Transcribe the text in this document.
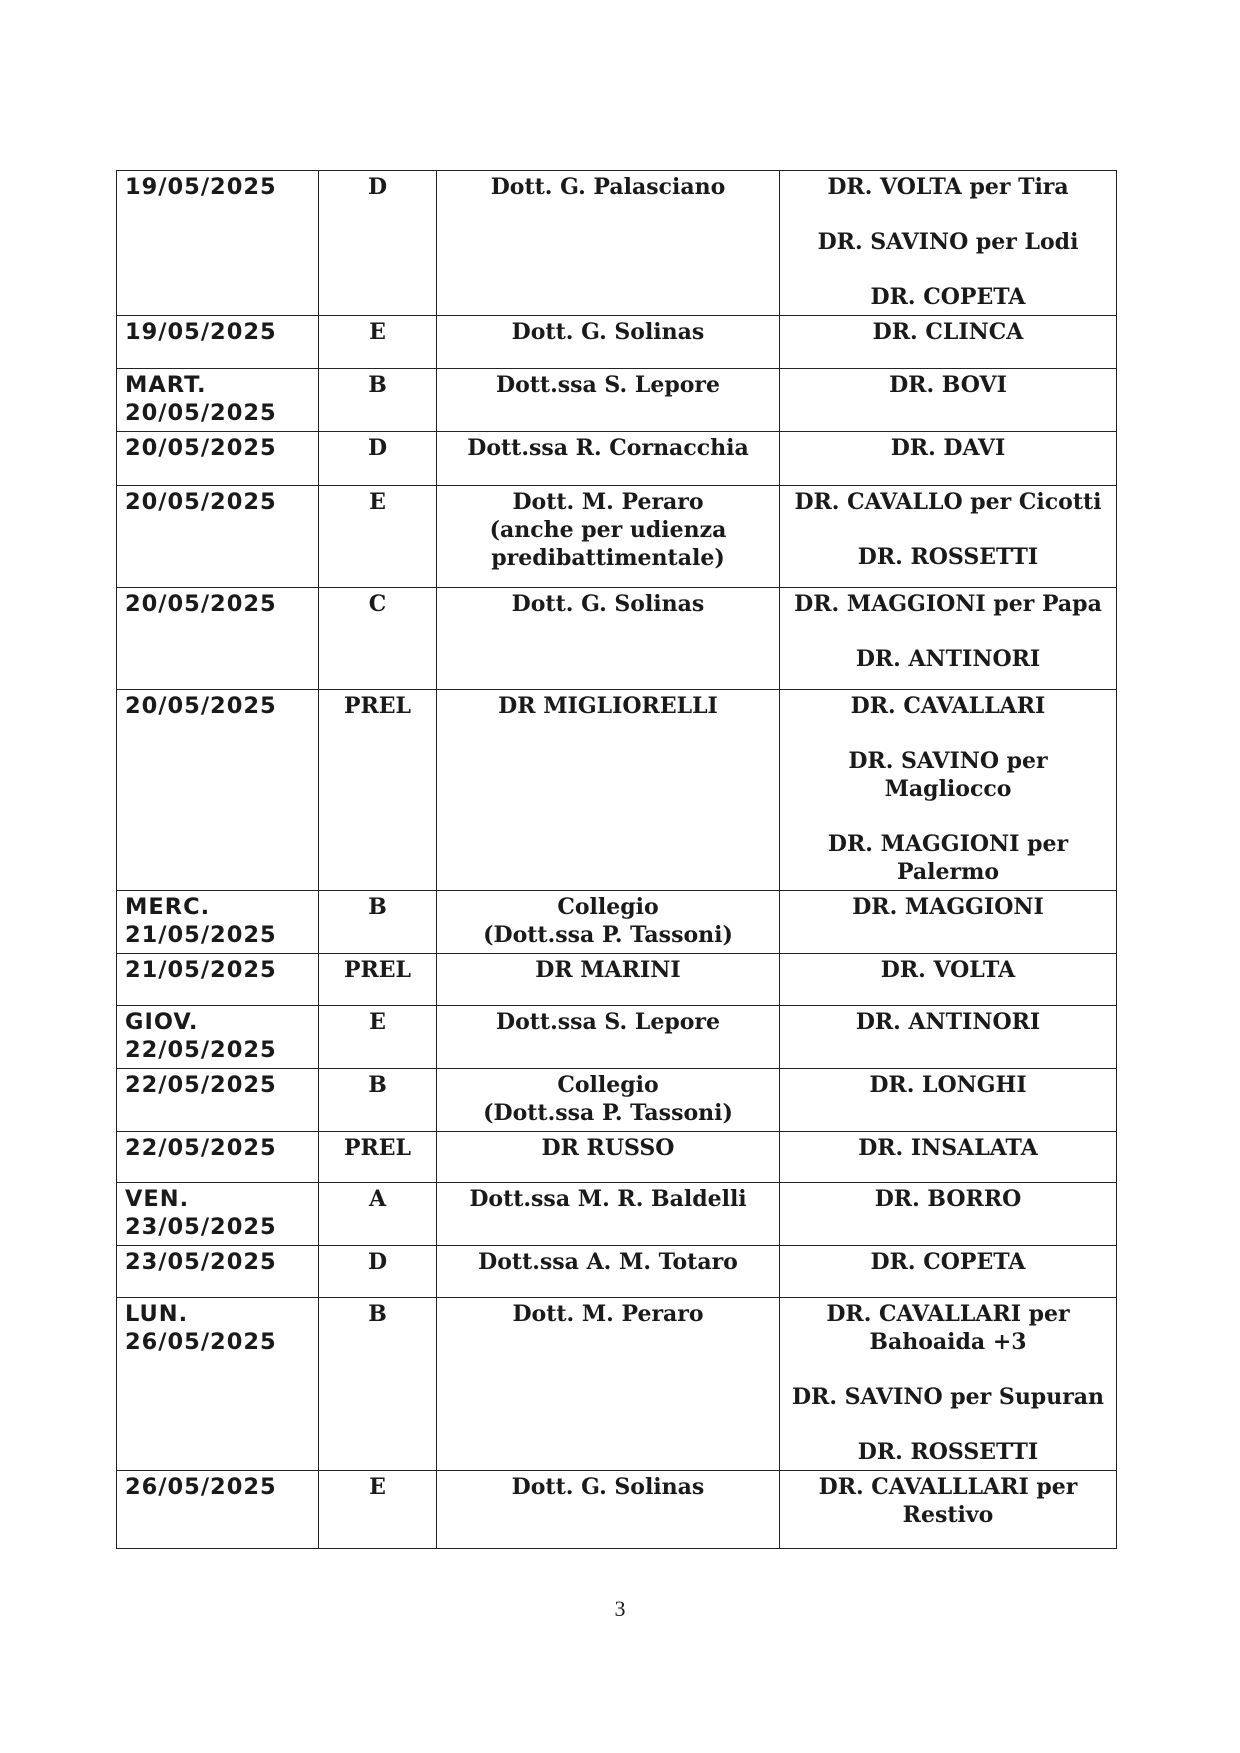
19/05/2025	D	Dott. G. Palasciano	DR. VOLTA per Tira
DR. SAVINO per Lodi
DR. COPETA

19/05/2025	E	Dott. G. Solinas	DR. CLINCA

MART.
20/05/2025	B	Dott.ssa S. Lepore	DR. BOVI

20/05/2025	D	Dott.ssa R. Cornacchia	DR. DAVI

20/05/2025	E	Dott. M. Peraro
(anche per udienza
predibattimentale)	DR. CAVALLO per Cicotti
DR. ROSSETTI

20/05/2025	C	Dott. G. Solinas	DR. MAGGIONI per Papa
DR. ANTINORI

20/05/2025	PREL	DR MIGLIORELLI	DR. CAVALLARI
DR. SAVINO per Magliocco
DR. MAGGIONI per Palermo

MERC.
21/05/2025	B	Collegio
(Dott.ssa P. Tassoni)	DR. MAGGIONI

21/05/2025	PREL	DR MARINI	DR. VOLTA

GIOV.
22/05/2025	E	Dott.ssa S. Lepore	DR. ANTINORI

22/05/2025	B	Collegio
(Dott.ssa P. Tassoni)	DR. LONGHI

22/05/2025	PREL	DR RUSSO	DR. INSALATA

VEN.
23/05/2025	A	Dott.ssa M. R. Baldelli	DR. BORRO

23/05/2025	D	Dott.ssa A. M. Totaro	DR. COPETA

LUN.
26/05/2025	B	Dott. M. Peraro	DR. CAVALLARI per Bahoaida +3
DR. SAVINO per Supuran
DR. ROSSETTI

26/05/2025	E	Dott. G. Solinas	DR. CAVALLLARI per Restivo
3
